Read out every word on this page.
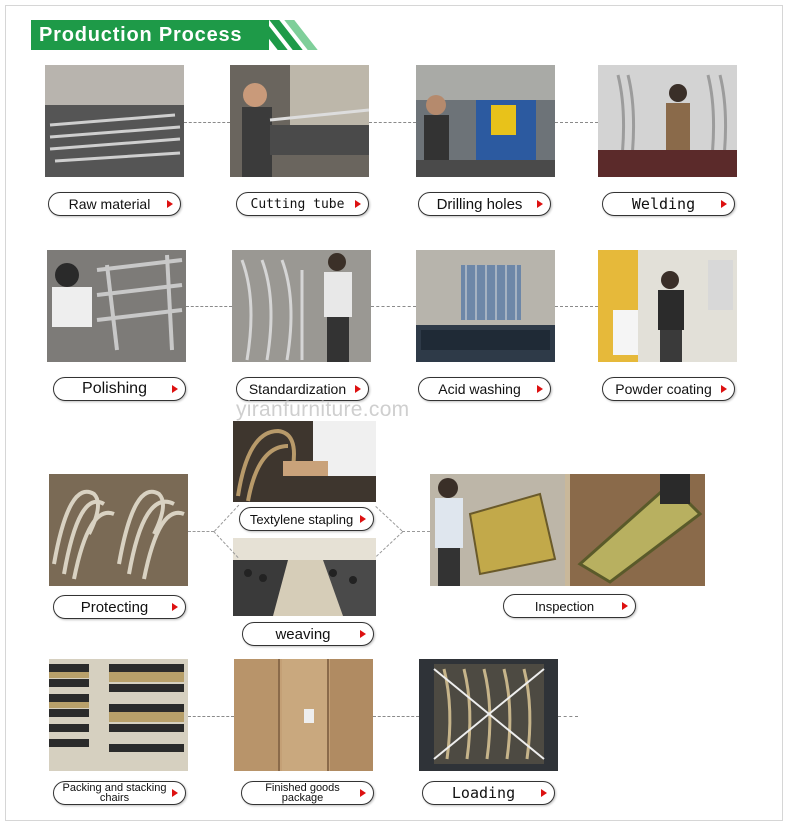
Production Process
Raw material	Cutting tube	Drilling holes	Welding
Polishing	Standardization	Acid washing	Powder coating
yiranfurniture.com
Textylene stapling
Protecting
weaving
Inspection
Packing and stacking chairs
Finished goods package	Loading
